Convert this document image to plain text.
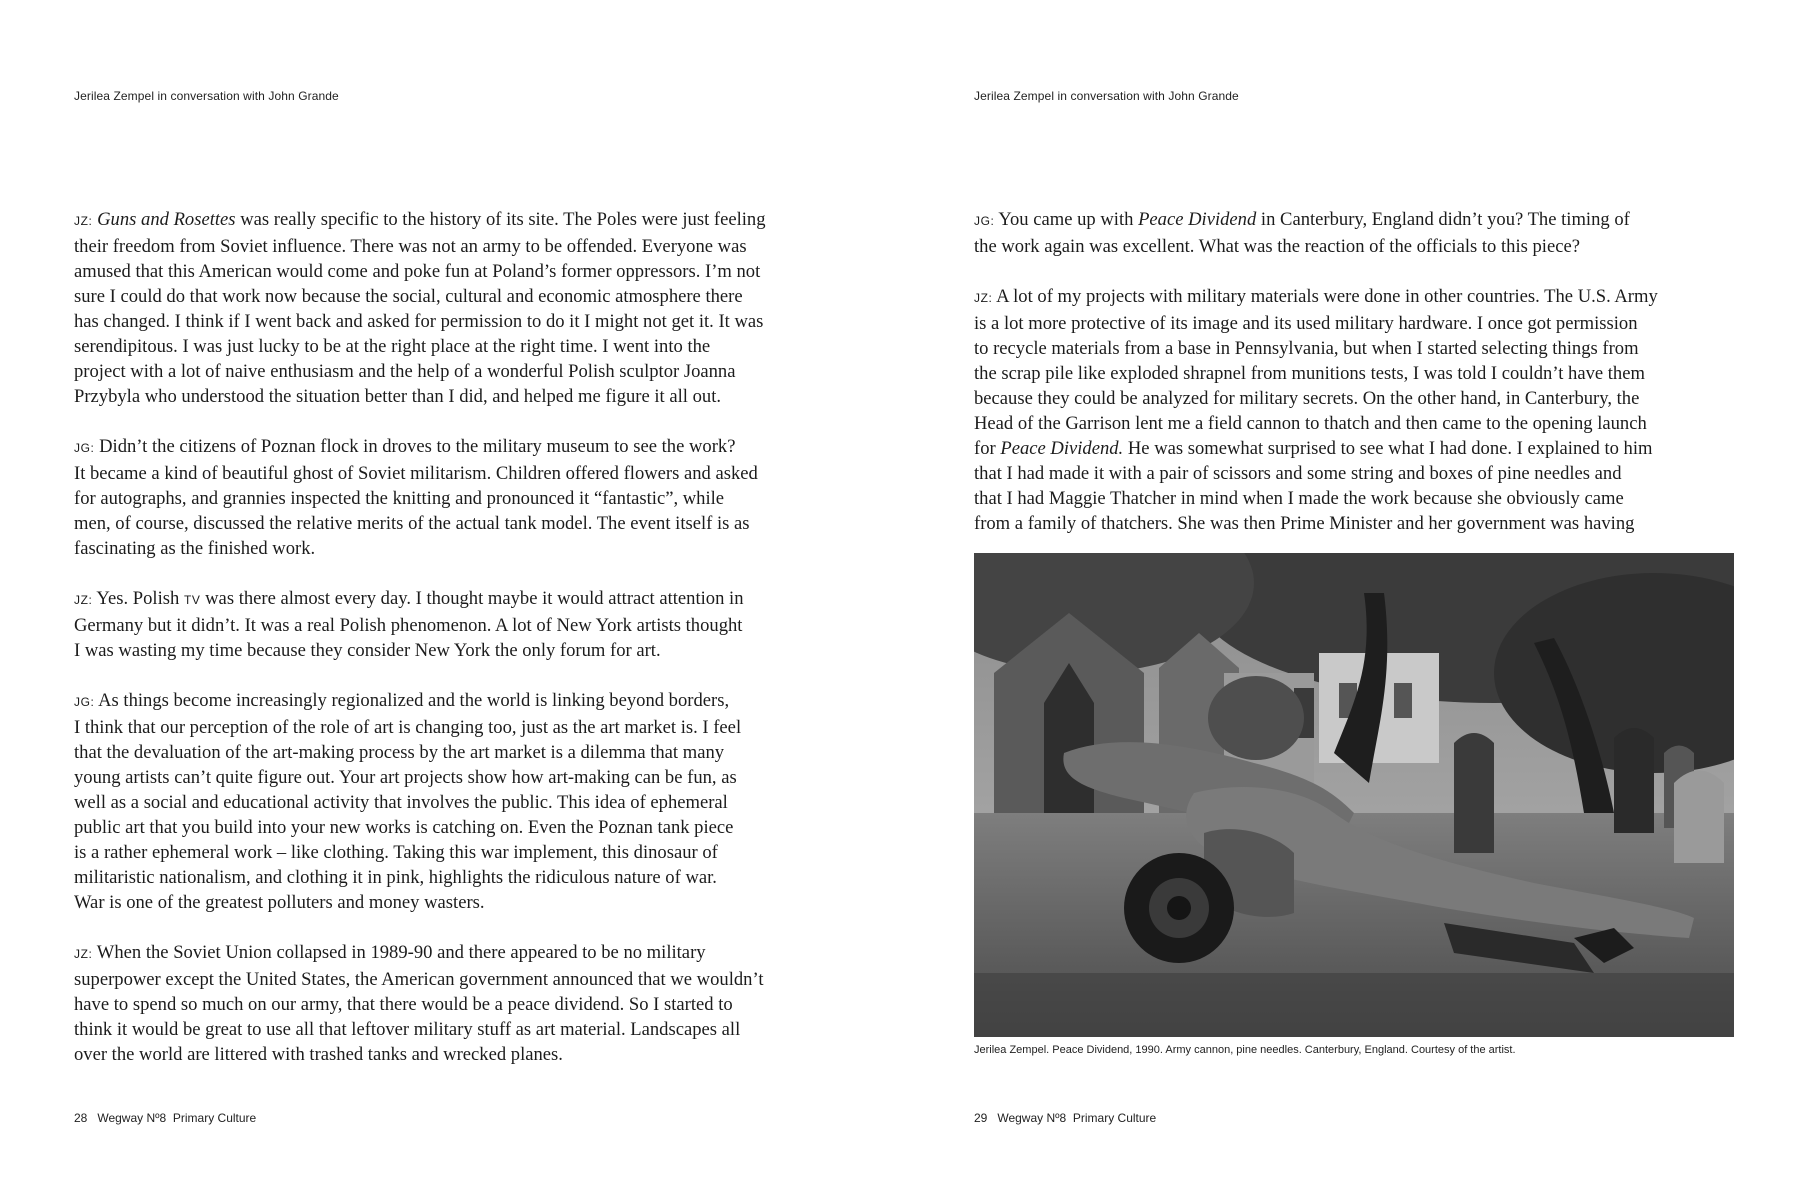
Jerilea Zempel in conversation with John Grande

JZ: Guns and Rosettes was really specific to the history of its site. The Poles were just feeling
their freedom from Soviet influence. There was not an army to be offended. Everyone was
amused that this American would come and poke fun at Poland’s former oppressors. I’m not
sure I could do that work now because the social, cultural and economic atmosphere there
has changed. I think if I went back and asked for permission to do it I might not get it. It was
serendipitous. I was just lucky to be at the right place at the right time. I went into the
project with a lot of naive enthusiasm and the help of a wonderful Polish sculptor Joanna
Przybyla who understood the situation better than I did, and helped me figure it all out.

JG: Didn’t the citizens of Poznan flock in droves to the military museum to see the work?
It became a kind of beautiful ghost of Soviet militarism. Children offered flowers and asked
for autographs, and grannies inspected the knitting and pronounced it “fantastic”, while
men, of course, discussed the relative merits of the actual tank model. The event itself is as
fascinating as the finished work.

JZ: Yes. Polish TV was there almost every day. I thought maybe it would attract attention in
Germany but it didn’t. It was a real Polish phenomenon. A lot of New York artists thought
I was wasting my time because they consider New York the only forum for art.

JG: As things become increasingly regionalized and the world is linking beyond borders,
I think that our perception of the role of art is changing too, just as the art market is. I feel
that the devaluation of the art-making process by the art market is a dilemma that many
young artists can’t quite figure out. Your art projects show how art-making can be fun, as
well as a social and educational activity that involves the public. This idea of ephemeral
public art that you build into your new works is catching on. Even the Poznan tank piece
is a rather ephemeral work – like clothing. Taking this war implement, this dinosaur of
militaristic nationalism, and clothing it in pink, highlights the ridiculous nature of war.
War is one of the greatest polluters and money wasters.

JZ: When the Soviet Union collapsed in 1989-90 and there appeared to be no military
superpower except the United States, the American government announced that we wouldn’t
have to spend so much on our army, that there would be a peace dividend. So I started to
think it would be great to use all that leftover military stuff as art material. Landscapes all
over the world are littered with trashed tanks and wrecked planes.

28   Wegway Nº8  Primary Culture
Jerilea Zempel in conversation with John Grande

JG: You came up with Peace Dividend in Canterbury, England didn’t you? The timing of
the work again was excellent. What was the reaction of the officials to this piece?

JZ: A lot of my projects with military materials were done in other countries. The U.S. Army
is a lot more protective of its image and its used military hardware. I once got permission
to recycle materials from a base in Pennsylvania, but when I started selecting things from
the scrap pile like exploded shrapnel from munitions tests, I was told I couldn’t have them
because they could be analyzed for military secrets. On the other hand, in Canterbury, the
Head of the Garrison lent me a field cannon to thatch and then came to the opening launch
for Peace Dividend. He was somewhat surprised to see what I had done. I explained to him
that I had made it with a pair of scissors and some string and boxes of pine needles and
that I had Maggie Thatcher in mind when I made the work because she obviously came
from a family of thatchers. She was then Prime Minister and her government was having

Jerilea Zempel. Peace Dividend, 1990. Army cannon, pine needles. Canterbury, England. Courtesy of the artist.
29   Wegway Nº8  Primary Culture
